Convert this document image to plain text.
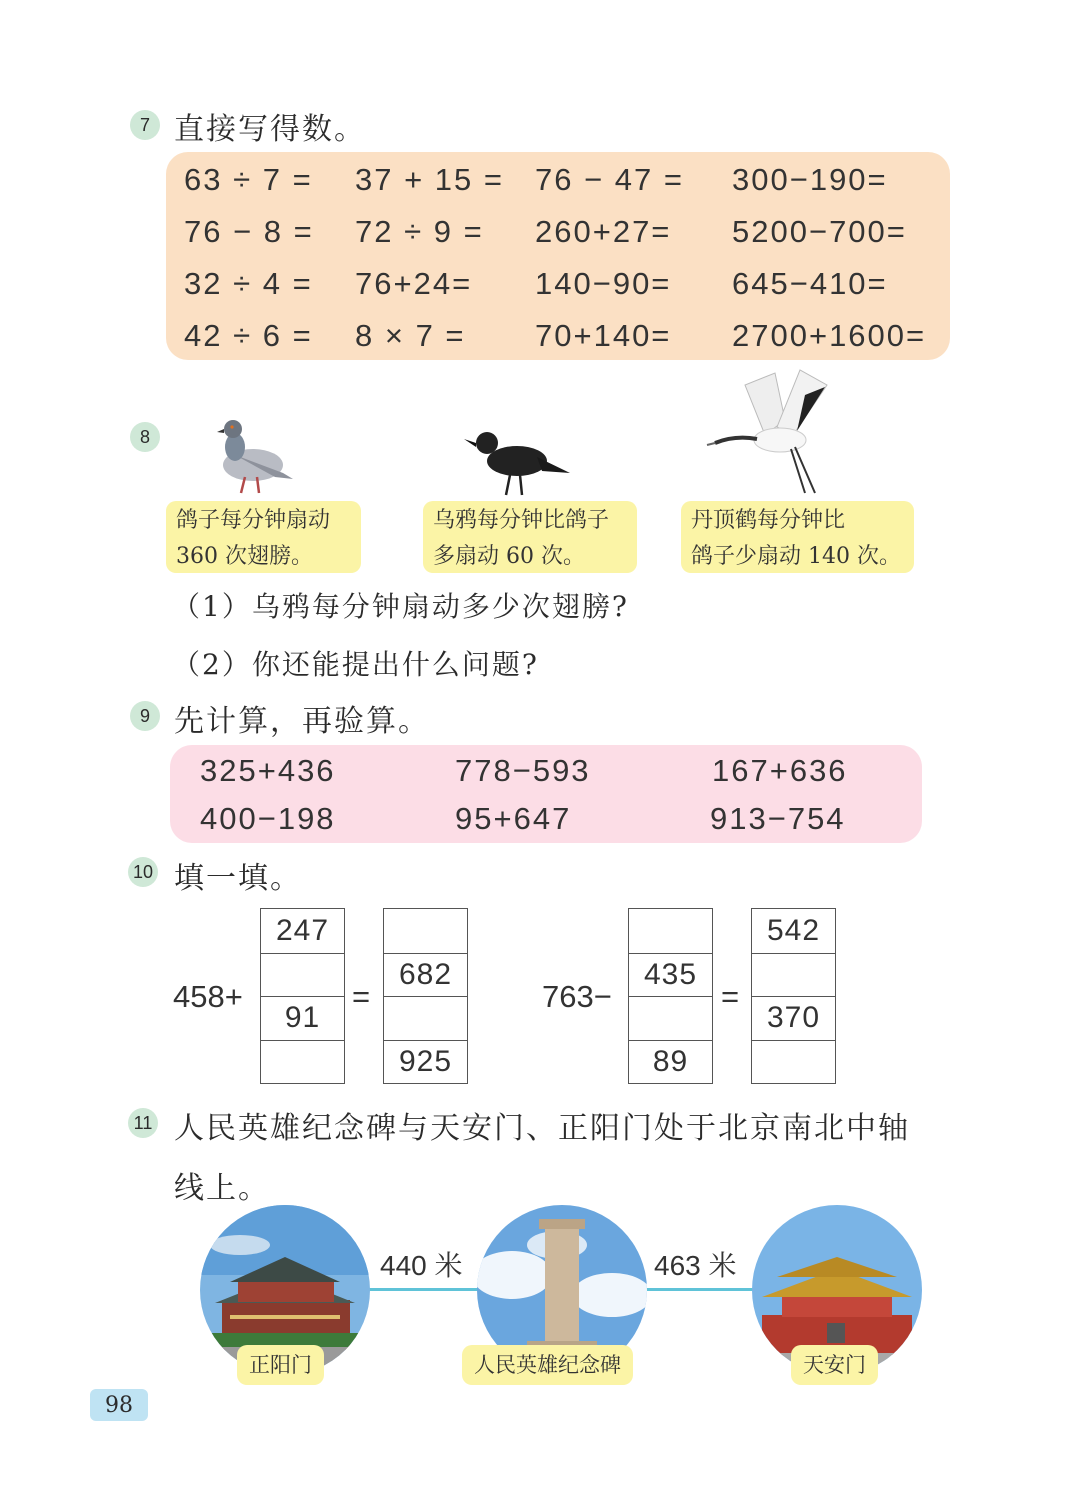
7 直接写得数。
63 ÷ 7 = 37 + 15 = 76 − 47 = 300−190=
76 − 8 = 72 ÷ 9 = 260+27= 5200−700=
32 ÷ 4 = 76+24= 140−90= 645−410=
42 ÷ 6 = 8 × 7 = 70+140= 2700+1600=
8
鸽子每分钟扇动
360 次翅膀。
乌鸦每分钟比鸽子
多扇动 60 次。
丹顶鹤每分钟比
鸽子少扇动 140 次。
（1）乌鸦每分钟扇动多少次翅膀?
（2）你还能提出什么问题?
9 先计算，再验算。
325+436	778−593	167+636
400−198	95+647	913−754
10 填一填。
458+
247
91
=
682
925
763−
435
89
=
542
370
11 人民英雄纪念碑与天安门、正阳门处于北京南北中轴
线上。
440 米	463 米
正阳门	人民英雄纪念碑	天安门
98
